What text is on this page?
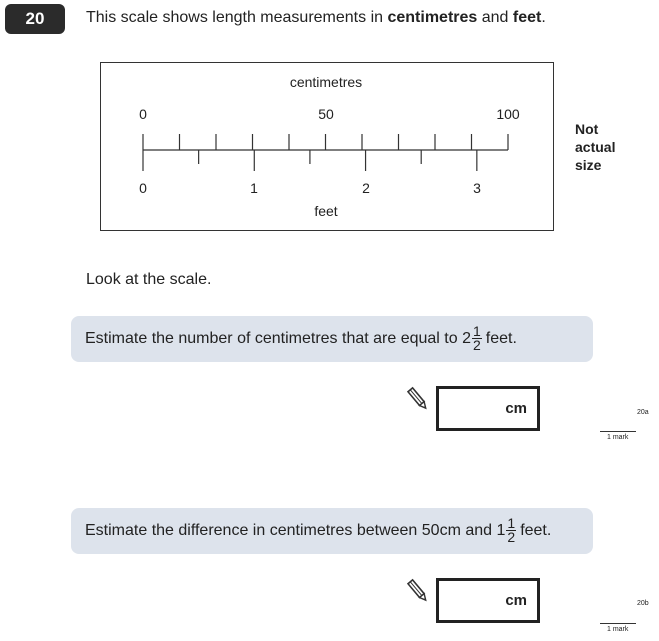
20	This scale shows length measurements in centimetres and feet.
centimetres
0	50	100
0	1	2	3
feet
Not
actual
size
Look at the scale.
Estimate the number of centimetres that are equal to $2 \frac{1}{2}$ feet.
cm	20a
1 mark
Estimate the difference in centimetres between 50cm and $1 \frac{1}{2}$ feet.
cm	20b
1 mark
